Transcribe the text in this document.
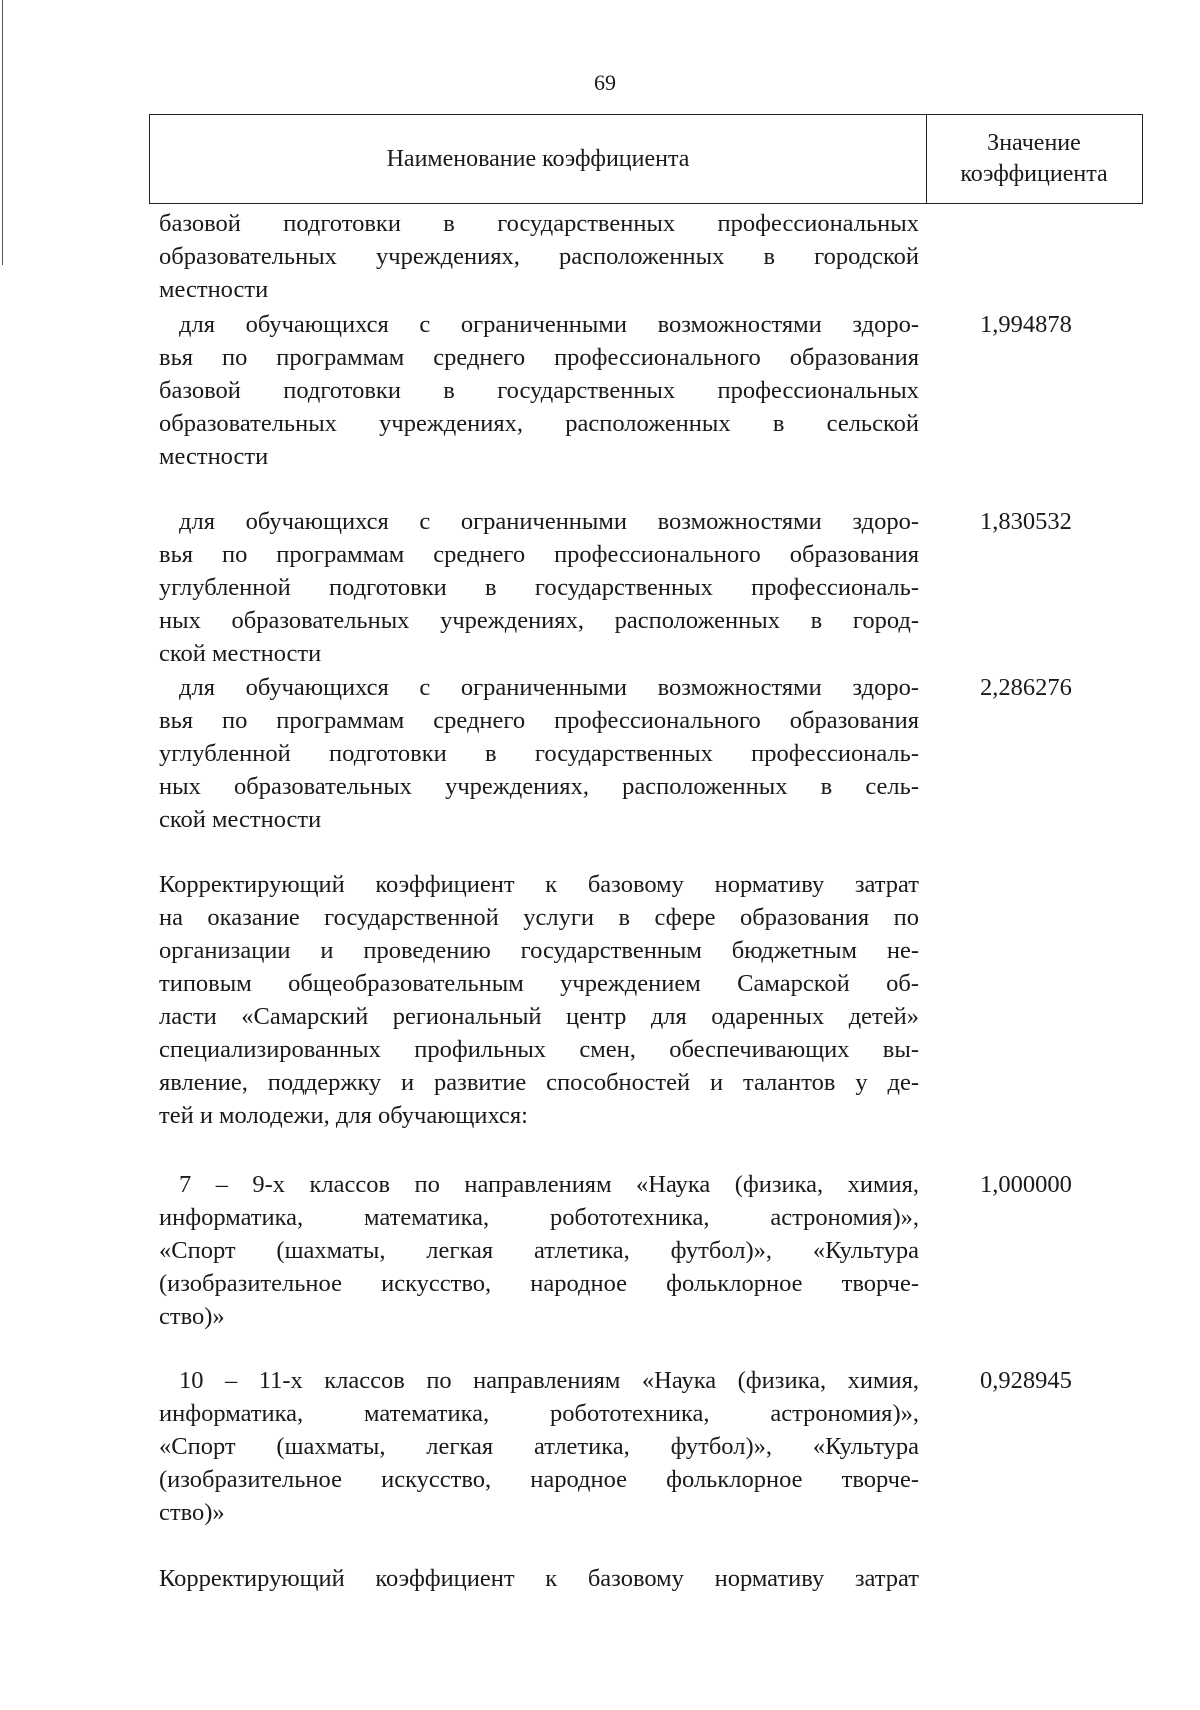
69
Наименование коэффициента
Значение
коэффициента
базовой подготовки в государственных профессиональных
образовательных учреждениях, расположенных в городской
местности
для обучающихся с ограниченными возможностями здоро-
вья по программам среднего профессионального образования
базовой подготовки в государственных профессиональных
образовательных учреждениях, расположенных в сельской
местности
1,994878
для обучающихся с ограниченными возможностями здоро-
вья по программам среднего профессионального образования
углубленной подготовки в государственных профессиональ-
ных образовательных учреждениях, расположенных в город-
ской местности
1,830532
для обучающихся с ограниченными возможностями здоро-
вья по программам среднего профессионального образования
углубленной подготовки в государственных профессиональ-
ных образовательных учреждениях, расположенных в сель-
ской местности
2,286276
Корректирующий коэффициент к базовому нормативу затрат
на оказание государственной услуги в сфере образования по
организации и проведению государственным бюджетным не-
типовым общеобразовательным учреждением Самарской об-
ласти «Самарский региональный центр для одаренных детей»
специализированных профильных смен, обеспечивающих вы-
явление, поддержку и развитие способностей и талантов у де-
тей и молодежи, для обучающихся:
7 – 9-х классов по направлениям «Наука (физика, химия,
информатика, математика, робототехника, астрономия)»,
«Спорт (шахматы, легкая атлетика, футбол)», «Культура
(изобразительное искусство, народное фольклорное творче-
ство)»
1,000000
10 – 11-х классов по направлениям «Наука (физика, химия,
информатика, математика, робототехника, астрономия)»,
«Спорт (шахматы, легкая атлетика, футбол)», «Культура
(изобразительное искусство, народное фольклорное творче-
ство)»
0,928945
Корректирующий коэффициент к базовому нормативу затрат
